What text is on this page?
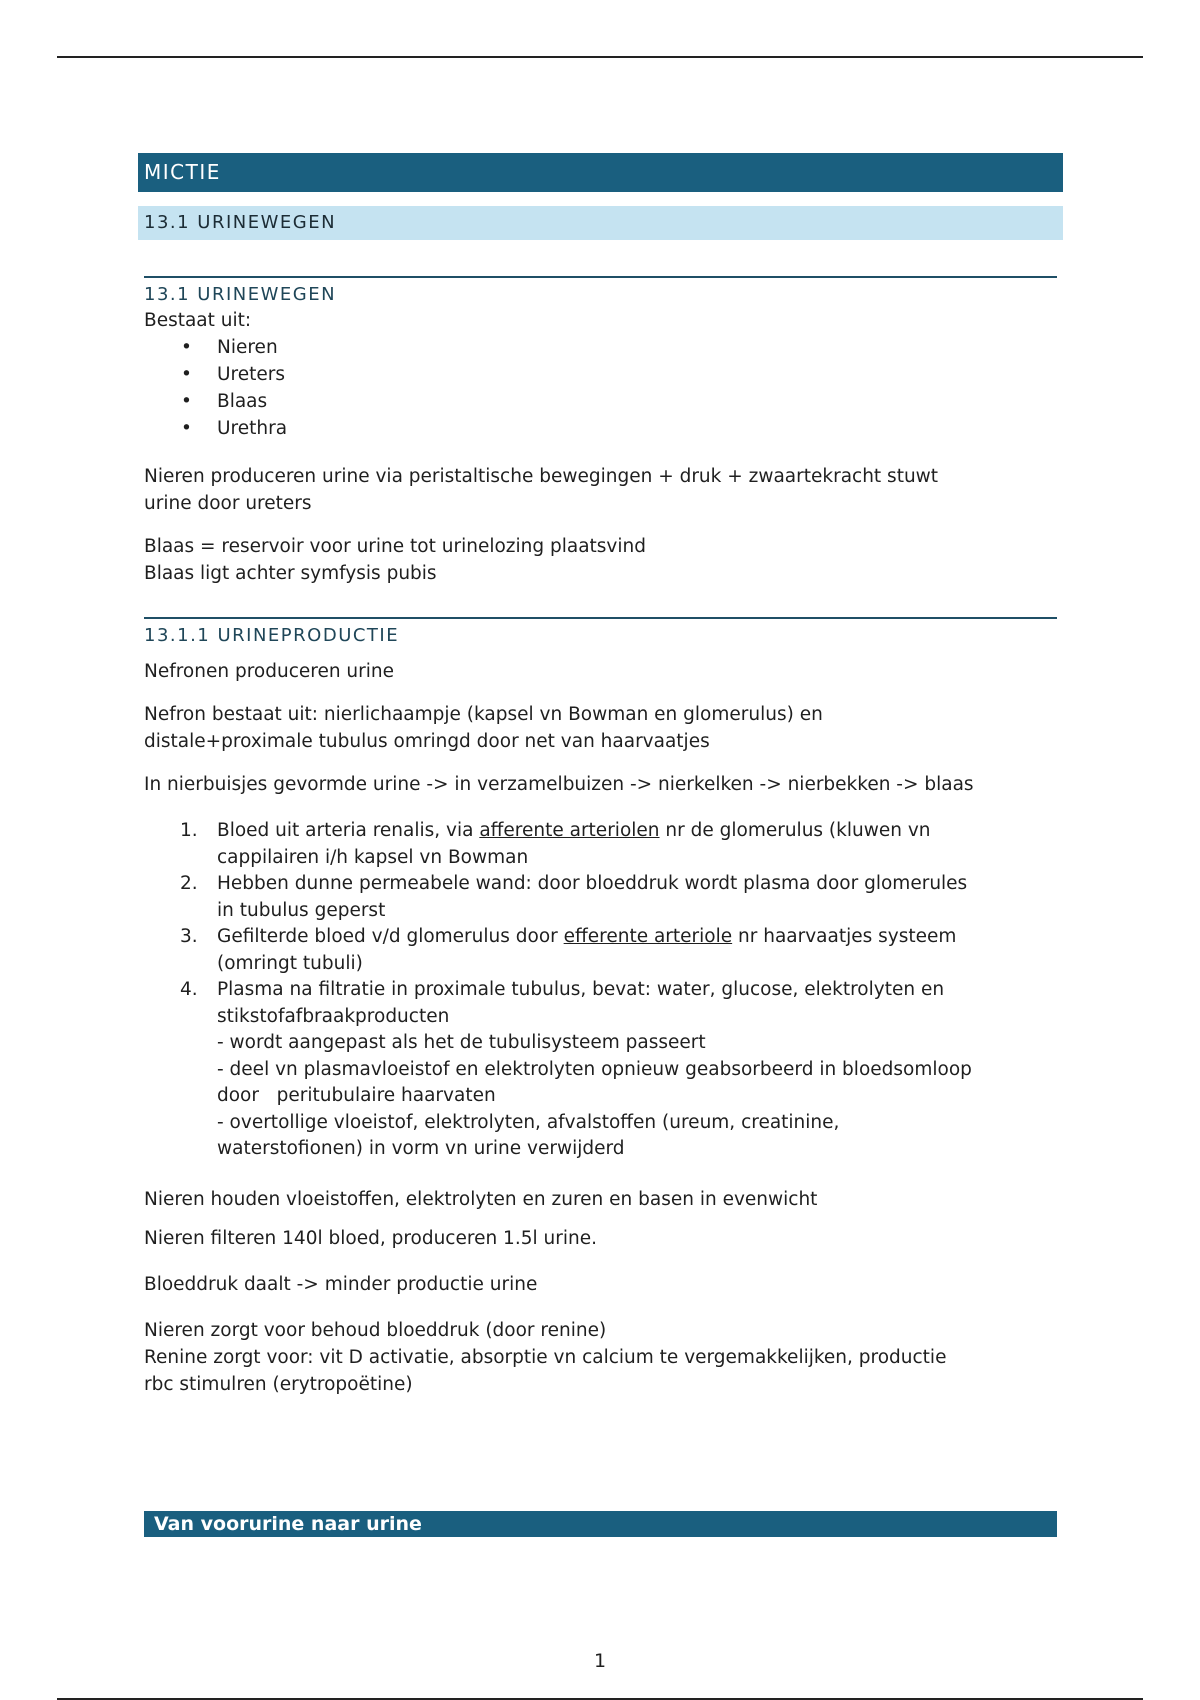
MICTIE
13.1 URINEWEGEN
13.1 URINEWEGEN

Bestaat uit:

• Nieren
• Ureters
• Blaas
• Urethra

Nieren produceren urine via peristaltische bewegingen + druk + zwaartekracht stuwt
urine door ureters

Blaas = reservoir voor urine tot urinelozing plaatsvind
Blaas ligt achter symfysis pubis

13.1.1 URINEPRODUCTIE

Nefronen produceren urine

Nefron bestaat uit: nierlichaampje (kapsel vn Bowman en glomerulus) en
distale+proximale tubulus omringd door net van haarvaatjes

In nierbuisjes gevormde urine -> in verzamelbuizen -> nierkelken -> nierbekken -> blaas

1. Bloed uit arteria renalis, via afferente arteriolen nr de glomerulus (kluwen vn
cappilairen i/h kapsel vn Bowman
2. Hebben dunne permeabele wand: door bloeddruk wordt plasma door glomerules
in tubulus geperst
3. Gefilterde bloed v/d glomerulus door efferente arteriole nr haarvaatjes systeem
(omringt tubuli)
4. Plasma na filtratie in proximale tubulus, bevat: water, glucose, elektrolyten en
stikstofafbraakproducten
- wordt aangepast als het de tubulisysteem passeert
- deel vn plasmavloeistof en elektrolyten opnieuw geabsorbeerd in bloedsomloop
door   peritubulaire haarvaten
- overtollige vloeistof, elektrolyten, afvalstoffen (ureum, creatinine,
waterstofionen) in vorm vn urine verwijderd

Nieren houden vloeistoffen, elektrolyten en zuren en basen in evenwicht

Nieren filteren 140l bloed, produceren 1.5l urine.

Bloeddruk daalt -> minder productie urine

Nieren zorgt voor behoud bloeddruk (door renine)
Renine zorgt voor: vit D activatie, absorptie vn calcium te vergemakkelijken, productie
rbc stimulren (erytropoëtine)

Van voorurine naar urine
1
